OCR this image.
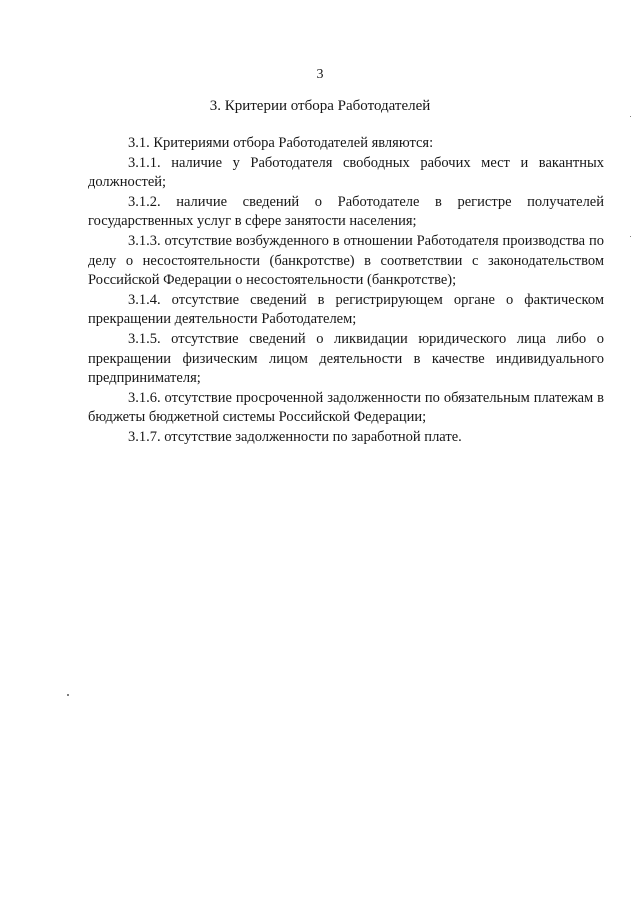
3
3. Критерии отбора Работодателей

3.1. Критериями отбора Работодателей являются:

3.1.1. наличие у Работодателя свободных рабочих мест и вакантных должностей;

3.1.2. наличие сведений о Работодателе в регистре получателей государственных услуг в сфере занятости населения;

3.1.3. отсутствие возбужденного в отношении Работодателя производства по делу о несостоятельности (банкротстве) в соответствии с законодательством Российской Федерации о несостоятельности (банкротстве);

3.1.4. отсутствие сведений в регистрирующем органе о фактическом прекращении деятельности Работодателем;

3.1.5. отсутствие сведений о ликвидации юридического лица либо о прекращении физическим лицом деятельности в качестве индивидуального предпринимателя;

3.1.6. отсутствие просроченной задолженности по обязательным платежам в бюджеты бюджетной системы Российской Федерации;

3.1.7. отсутствие задолженности по заработной плате.
